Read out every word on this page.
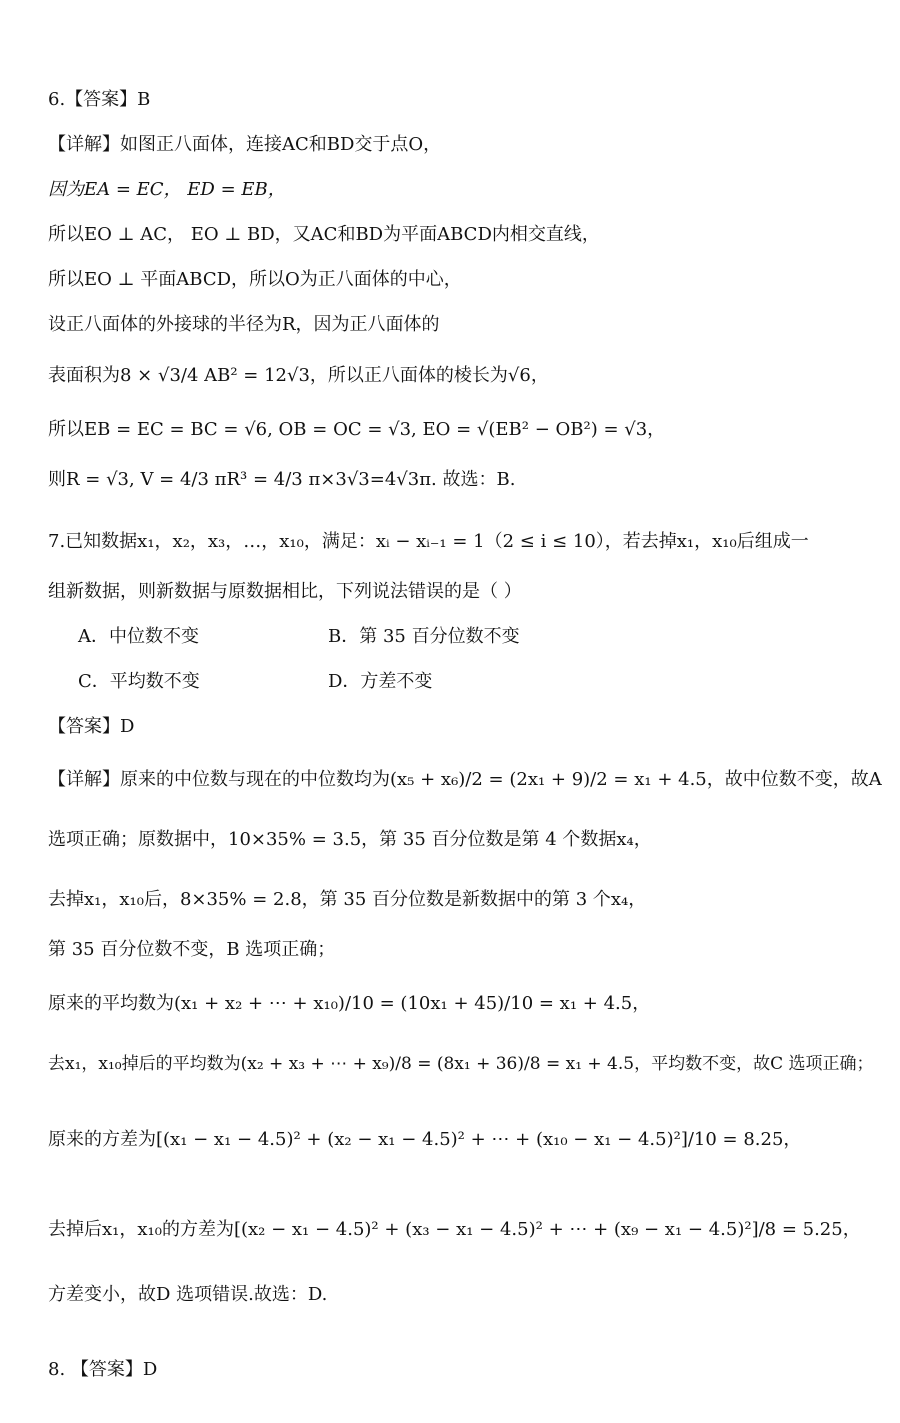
6.【答案】B
【详解】如图正八面体，连接AC和BD交于点O，
因为EA = EC， ED = EB，
所以EO ⊥ AC， EO ⊥ BD，又AC和BD为平面ABCD内相交直线，
所以EO ⊥ 平面ABCD，所以O为正八面体的中心，
设正八面体的外接球的半径为R，因为正八面体的
表面积为8 × √3/4 AB² = 12√3，所以正八面体的棱长为√6，
所以EB = EC = BC = √6, OB = OC = √3, EO = √(EB² − OB²) = √3，
则R = √3, V = 4/3 πR³ = 4/3 π×3√3=4√3π. 故选：B.
7.已知数据x₁，x₂，x₃，…，x₁₀，满足：xᵢ − xᵢ₋₁ = 1（2 ≤ i ≤ 10），若去掉x₁，x₁₀后组成一
组新数据，则新数据与原数据相比，下列说法错误的是（ ）
A．中位数不变	B．第 35 百分位数不变
C．平均数不变	D．方差不变
【答案】D
【详解】原来的中位数与现在的中位数均为(x₅ + x₆)/2 = (2x₁ + 9)/2 = x₁ + 4.5，故中位数不变，故A
选项正确；原数据中，10×35% = 3.5，第 35 百分位数是第 4 个数据x₄，
去掉x₁，x₁₀后，8×35% = 2.8，第 35 百分位数是新数据中的第 3 个x₄，
第 35 百分位数不变，B 选项正确；
原来的平均数为(x₁ + x₂ + ⋯ + x₁₀)/10 = (10x₁ + 45)/10 = x₁ + 4.5，
去x₁，x₁₀掉后的平均数为(x₂ + x₃ + ⋯ + x₉)/8 = (8x₁ + 36)/8 = x₁ + 4.5，平均数不变，故C 选项正确；
原来的方差为[(x₁ − x₁ − 4.5)² + (x₂ − x₁ − 4.5)² + ⋯ + (x₁₀ − x₁ − 4.5)²]/10 = 8.25，
去掉后x₁，x₁₀的方差为[(x₂ − x₁ − 4.5)² + (x₃ − x₁ − 4.5)² + ⋯ + (x₉ − x₁ − 4.5)²]/8 = 5.25，
方差变小，故D 选项错误.故选：D.
8. 【答案】D
